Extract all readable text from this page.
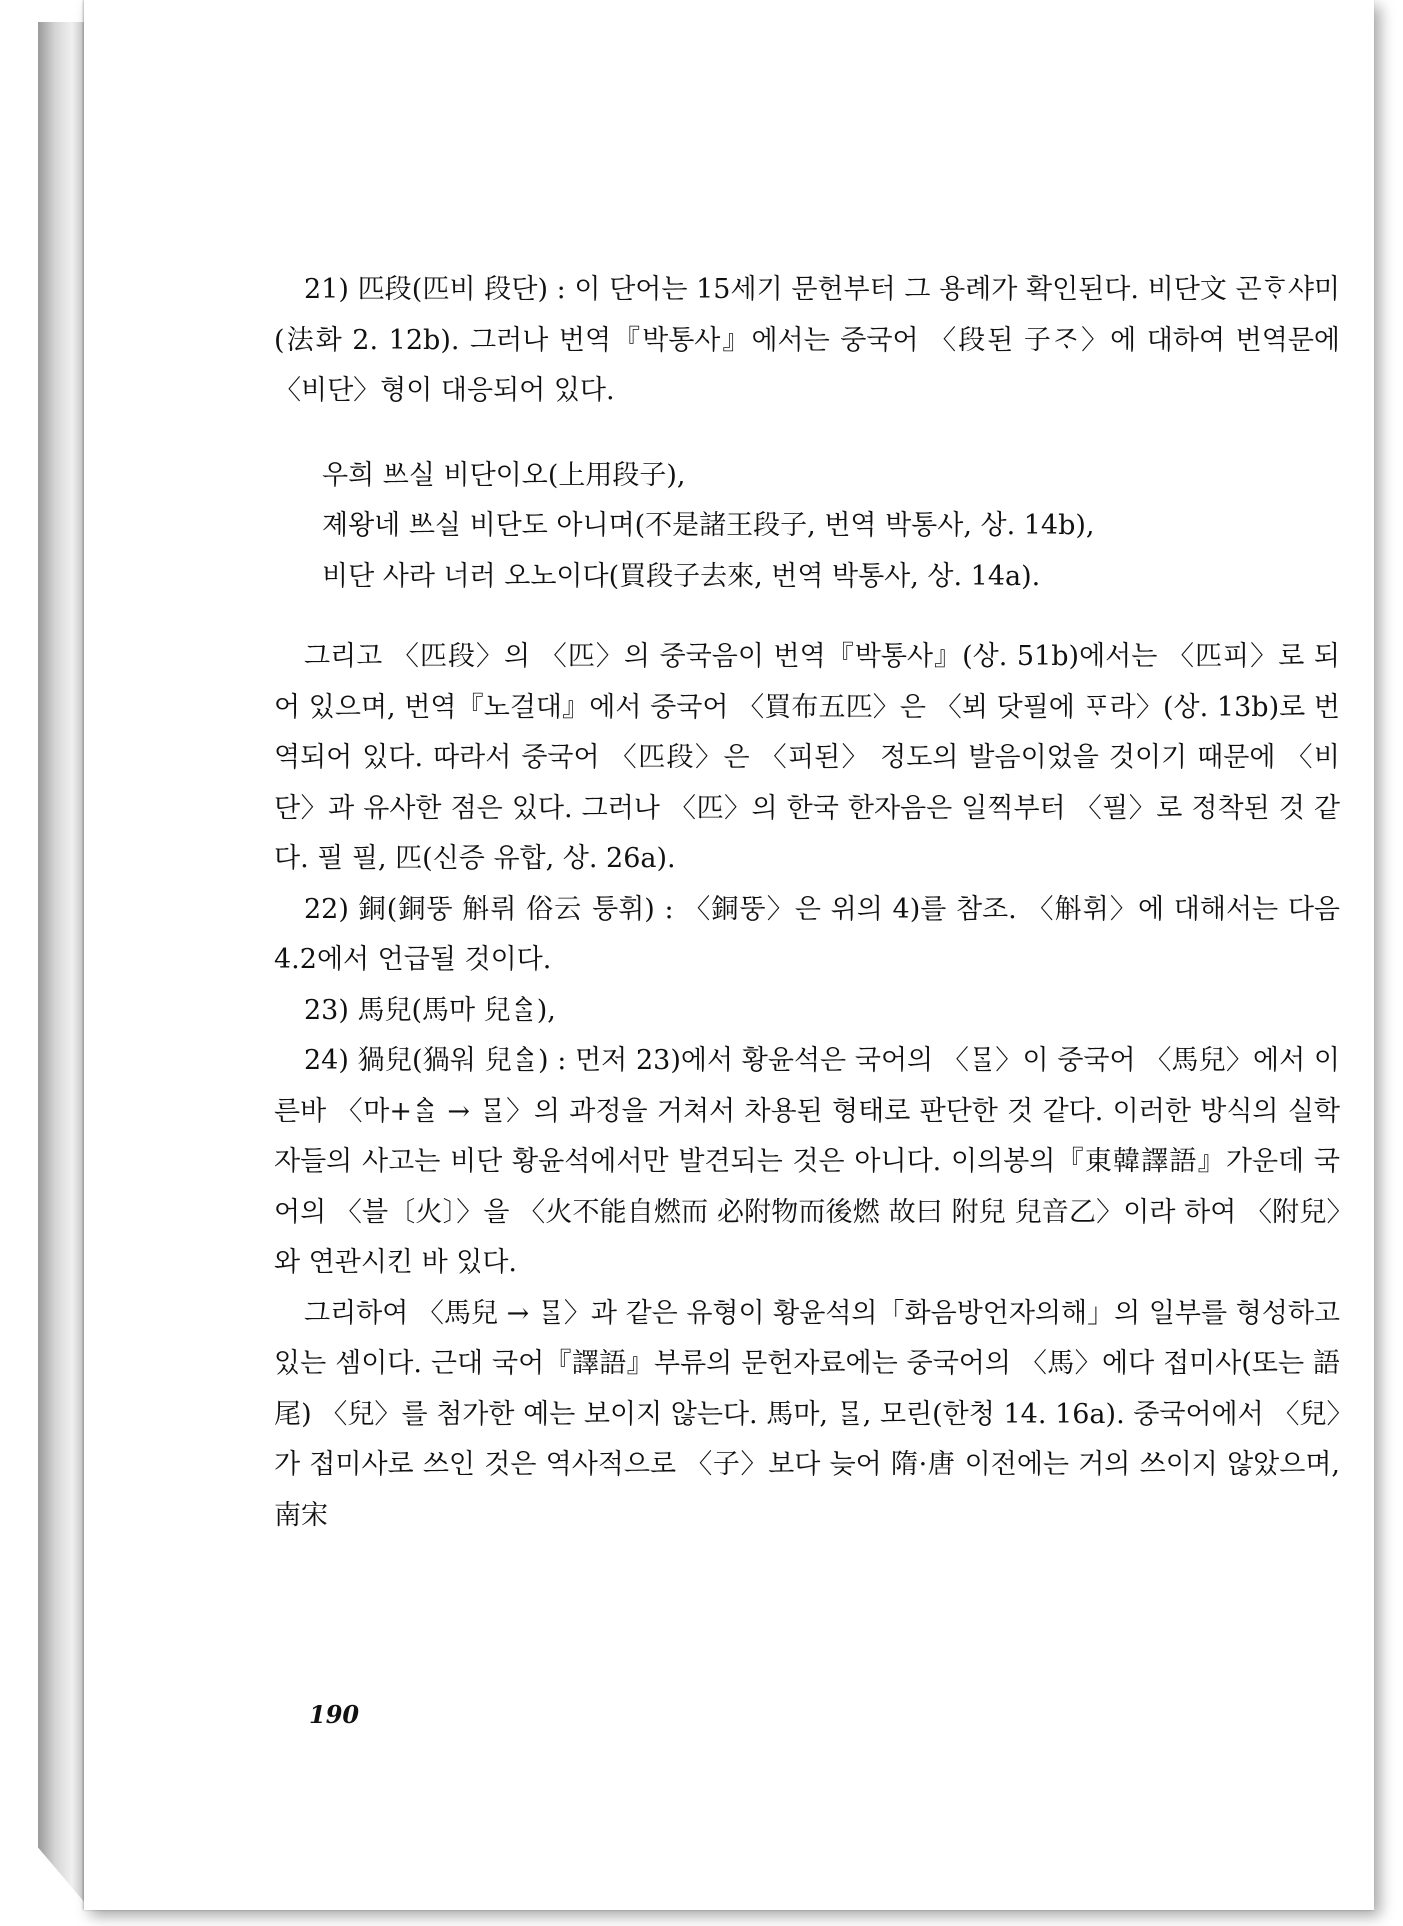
21) 匹段(匹비 段단) : 이 단어는 15세기 문헌부터 그 용례가 확인된다. 비단文 곤ᄒᆞ샤미(法화 2. 12b). 그러나 번역『박통사』에서는 중국어 〈段된 子ᄌᆞ〉에 대하여 번역문에 〈비단〉형이 대응되어 있다.

우희 ᄡᅳ실 비단이오(上用段子),
졔왕네 ᄡᅳ실 비단도 아니며(不是諸王段子, 번역 박통사, 상. 14b),
비단 사라 너러 오노이다(買段子去來, 번역 박통사, 상. 14a).

그리고 〈匹段〉의 〈匹〉의 중국음이 번역『박통사』(상. 51b)에서는 〈匹피〉로 되어 있으며, 번역『노걸대』에서 중국어 〈買布五匹〉은 〈뵈 닷필에 ᄑᆞ라〉(상. 13b)로 번역되어 있다. 따라서 중국어 〈匹段〉은 〈피된〉 정도의 발음이었을 것이기 때문에 〈비단〉과 유사한 점은 있다. 그러나 〈匹〉의 한국 한자음은 일찍부터 〈필〉로 정착된 것 같다. 필 필, 匹(신증 유합, 상. 26a).

22) 銅(銅뚱 斛뤼 俗云 퉁휘) : 〈銅뚱〉은 위의 4)를 참조. 〈斛휘〉에 대해서는 다음 4.2에서 언급될 것이다.

23) 馬兒(馬마 兒ᅀᆞᆯ),

24) 猧兒(猧워 兒ᅀᆞᆯ) : 먼저 23)에서 황윤석은 국어의 〈ᄆᆞᆯ〉이 중국어 〈馬兒〉에서 이른바 〈마+ᅀᆞᆯ → ᄆᆞᆯ〉의 과정을 거쳐서 차용된 형태로 판단한 것 같다. 이러한 방식의 실학자들의 사고는 비단 황윤석에서만 발견되는 것은 아니다. 이의봉의『東韓譯語』가운데 국어의 〈블〔火〕〉을 〈火不能自燃而 必附物而後燃 故曰 附兒 兒音乙〉이라 하여 〈附兒〉와 연관시킨 바 있다.

그리하여 〈馬兒 → ᄆᆞᆯ〉과 같은 유형이 황윤석의「화음방언자의해」의 일부를 형성하고 있는 셈이다. 근대 국어『譯語』부류의 문헌자료에는 중국어의 〈馬〉에다 접미사(또는 語尾) 〈兒〉를 첨가한 예는 보이지 않는다. 馬마, ᄆᆞᆯ, 모린(한청 14. 16a). 중국어에서 〈兒〉가 접미사로 쓰인 것은 역사적으로 〈子〉보다 늦어 隋·唐 이전에는 거의 쓰이지 않았으며, 南宋

190
